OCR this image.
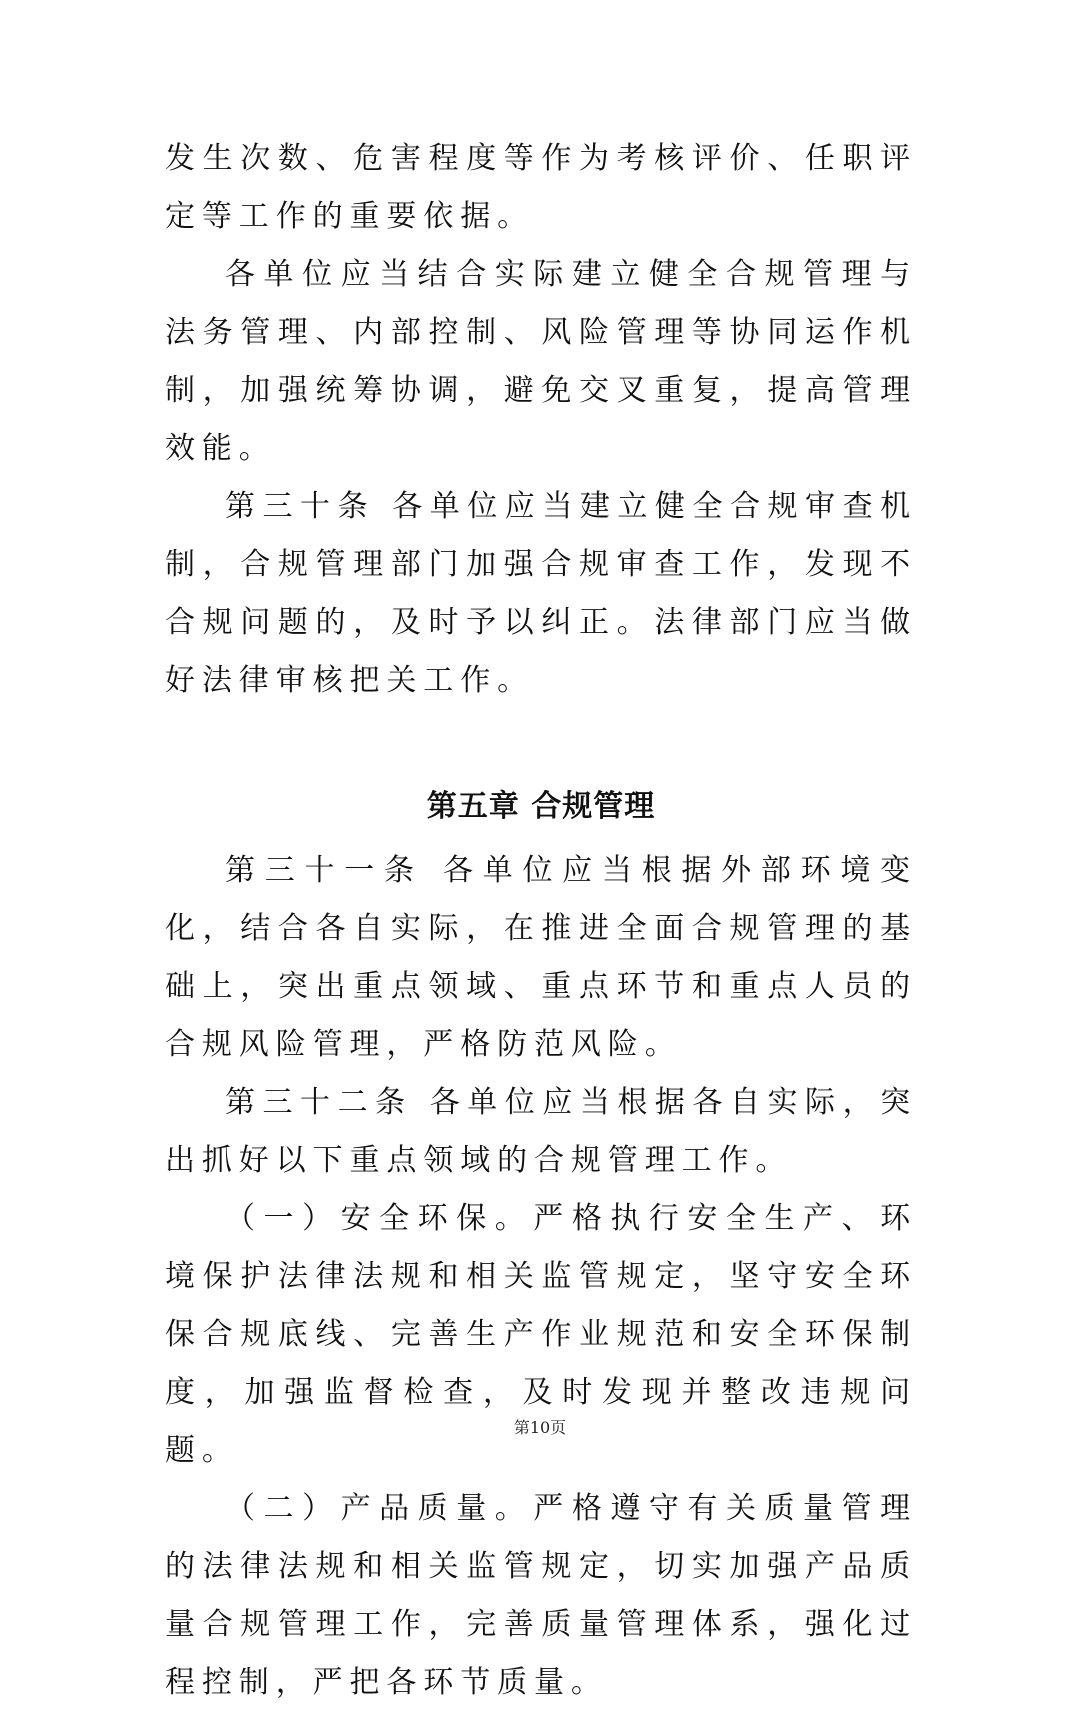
发生次数、危害程度等作为考核评价、任职评定等工作的重要依据。

各单位应当结合实际建立健全合规管理与法务管理、内部控制、风险管理等协同运作机制，加强统筹协调，避免交叉重复，提高管理效能。

第三十条 各单位应当建立健全合规审查机制，合规管理部门加强合规审查工作，发现不合规问题的，及时予以纠正。法律部门应当做好法律审核把关工作。

第五章 合规管理

第三十一条 各单位应当根据外部环境变化，结合各自实际，在推进全面合规管理的基础上，突出重点领域、重点环节和重点人员的合规风险管理，严格防范风险。

第三十二条 各单位应当根据各自实际，突出抓好以下重点领域的合规管理工作。

（一）安全环保。严格执行安全生产、环境保护法律法规和相关监管规定，坚守安全环保合规底线、完善生产作业规范和安全环保制度，加强监督检查，及时发现并整改违规问题。

（二）产品质量。严格遵守有关质量管理的法律法规和相关监管规定，切实加强产品质量合规管理工作，完善质量管理体系，强化过程控制，严把各环节质量。

第10页
